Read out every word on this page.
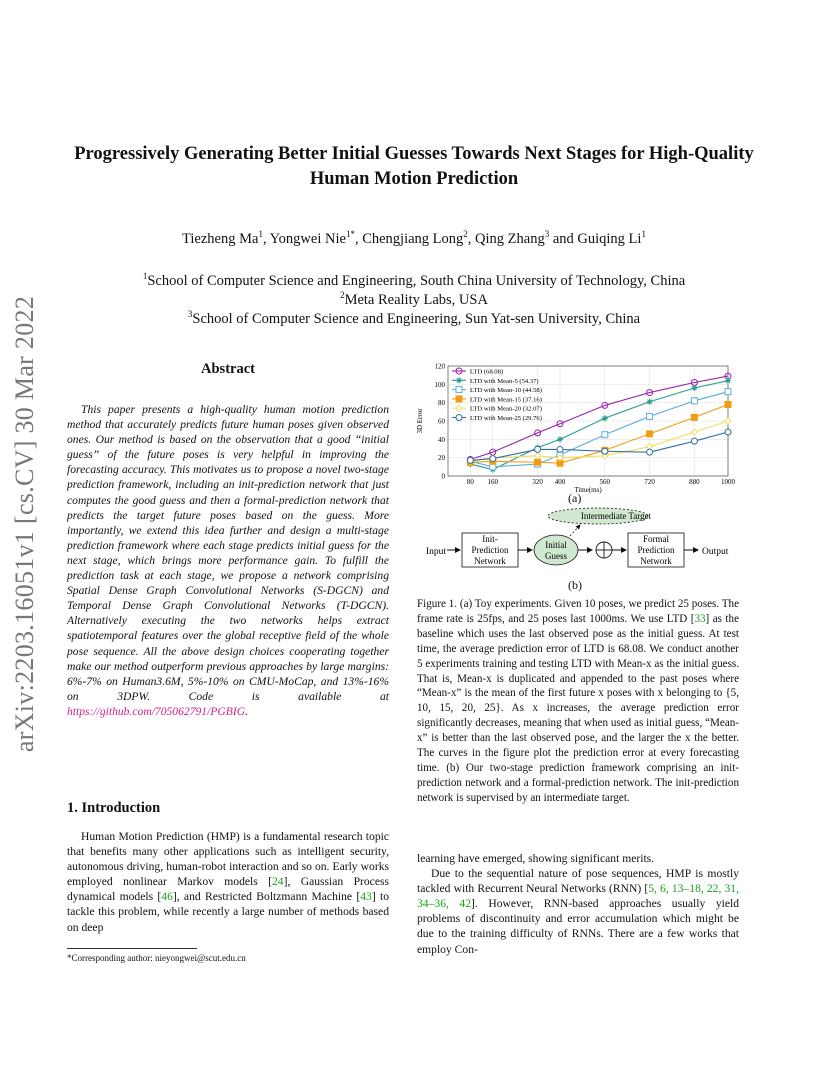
Progressively Generating Better Initial Guesses Towards Next Stages for High-Quality Human Motion Prediction
Tiezheng Ma$^1$, Yongwei Nie$^{1*}$, Chengjiang Long$^2$, Qing Zhang$^3$ and Guiqing Li$^1$
$^1$School of Computer Science and Engineering, South China University of Technology, China
$^2$Meta Reality Labs, USA
$^3$School of Computer Science and Engineering, Sun Yat-sen University, China
arXiv:2203.16051v1 [cs.CV] 30 Mar 2022	Abstract
This paper presents a high-quality human motion prediction method that accurately predicts future human poses given observed ones. Our method is based on the observation that a good “initial guess” of the future poses is very helpful in improving the forecasting accuracy. This motivates us to propose a novel two-stage prediction framework, including an init-prediction network that just computes the good guess and then a formal-prediction network that predicts the target future poses based on the guess. More importantly, we extend this idea further and design a multi-stage prediction framework where each stage predicts initial guess for the next stage, which brings more performance gain. To fulfill the prediction task at each stage, we propose a network comprising Spatial Dense Graph Convolutional Networks (S-DGCN) and Temporal Dense Graph Convolutional Networks (T-DGCN). Alternatively executing the two networks helps extract spatiotemporal features over the global receptive field of the whole pose sequence. All the above design choices cooperating together make our method outperform previous approaches by large margins: 6%-7% on Human3.6M, 5%-10% on CMU-MoCap, and 13%-16% on 3DPW. Code is available at https://github.com/705062791/PGBIG.
1. Introduction
Human Motion Prediction (HMP) is a fundamental research topic that benefits many other applications such as intelligent security, autonomous driving, human-robot interaction and so on. Early works employed nonlinear Markov models [24], Gaussian Process dynamical models [46], and Restricted Boltzmann Machine [43] to tackle this problem, while recently a large number of methods based on deep
*Corresponding author: nieyongwei@scut.edu.cn
0
20
40
60
80
100
120
80 160	320 400	560	720	880	1000
Time(ms)
3D Error
LTD (68.08)
LTD with Mean-5 (54.37)
LTD with Mean-10 (44.58)
LTD with Mean-15 (37.16)
LTD with Mean-20 (32.07)
LTD with Mean-25 (29.76)
(a)
Input
Init-
Prediction
Network
Initial
Guess
Intermediate Target
Formal
Prediction
Network
Output
(b)
Figure 1. (a) Toy experiments. Given 10 poses, we predict 25 poses. The frame rate is 25fps, and 25 poses last 1000ms. We use LTD [33] as the baseline which uses the last observed pose as the initial guess. At test time, the average prediction error of LTD is 68.08. We conduct another 5 experiments training and testing LTD with Mean-x as the initial guess. That is, Mean-x is duplicated and appended to the past poses where “Mean-x” is the mean of the first future x poses with x belonging to {5, 10, 15, 20, 25}. As x increases, the average prediction error significantly decreases, meaning that when used as initial guess, “Mean-x” is better than the last observed pose, and the larger the x the better. The curves in the figure plot the prediction error at every forecasting time. (b) Our two-stage prediction framework comprising an init-prediction network and a formal-prediction network. The init-prediction network is supervised by an intermediate target.

learning have emerged, showing significant merits.

Due to the sequential nature of pose sequences, HMP is mostly tackled with Recurrent Neural Networks (RNN) [5, 6, 13–18, 22, 31, 34–36, 42]. However, RNN-based approaches usually yield problems of discontinuity and error accumulation which might be due to the training difficulty of RNNs. There are a few works that employ Con-
